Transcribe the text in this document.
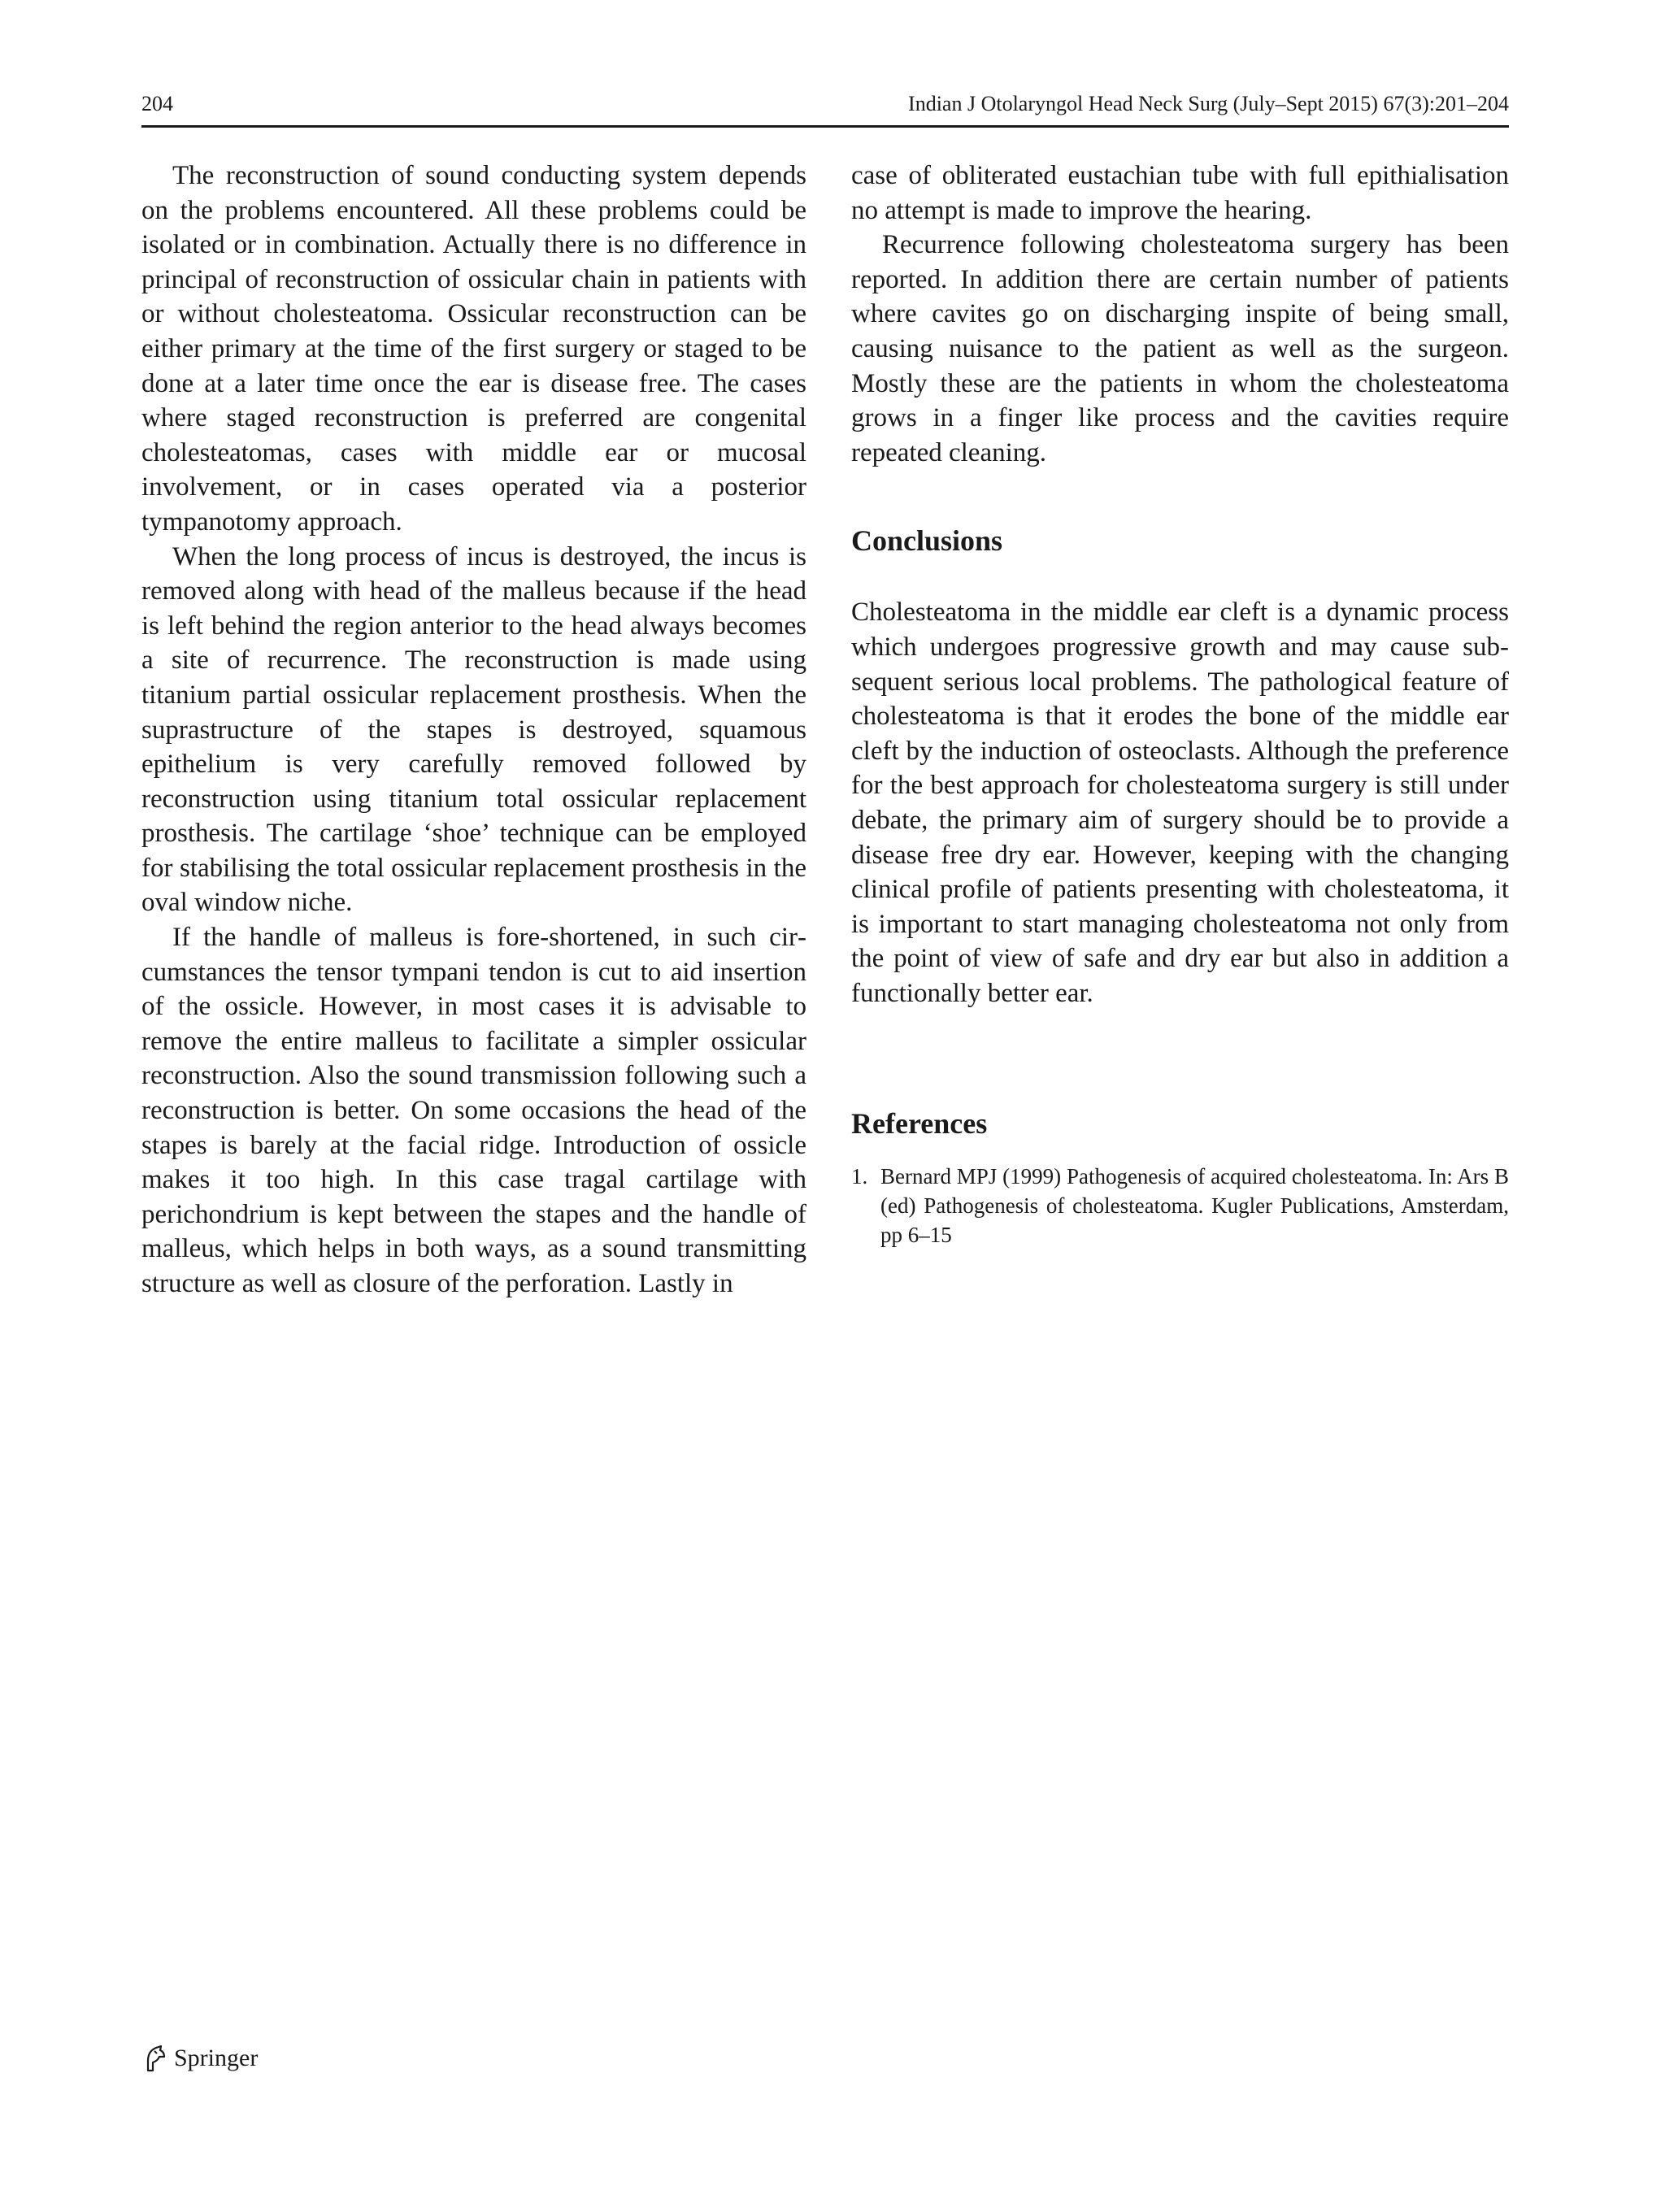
204	Indian J Otolaryngol Head Neck Surg (July–Sept 2015) 67(3):201–204

The reconstruction of sound conducting system depends on the problems encountered. All these problems could be isolated or in combination. Actually there is no difference in principal of reconstruction of ossicular chain in patients with or without cholesteatoma. Ossicular reconstruction can be either primary at the time of the first surgery or staged to be done at a later time once the ear is disease free. The cases where staged reconstruction is preferred are congenital cholesteatomas, cases with middle ear or mucosal involvement, or in cases operated via a posterior tympanotomy approach.

When the long process of incus is destroyed, the incus is removed along with head of the malleus because if the head is left behind the region anterior to the head always becomes a site of recurrence. The reconstruction is made using titanium partial ossicular replacement prosthesis. When the suprastructure of the stapes is destroyed, squamous epithelium is very carefully removed followed by reconstruction using titanium total ossicular replacement prosthesis. The cartilage ‘shoe’ technique can be employed for stabilising the total ossicular replacement prosthesis in the oval window niche.

If the handle of malleus is fore-shortened, in such circumstances the tensor tympani tendon is cut to aid insertion of the ossicle. However, in most cases it is advisable to remove the entire malleus to facilitate a simpler ossicular reconstruction. Also the sound transmission following such a reconstruction is better. On some occasions the head of the stapes is barely at the facial ridge. Introduction of ossicle makes it too high. In this case tragal cartilage with perichondrium is kept between the stapes and the handle of malleus, which helps in both ways, as a sound transmitting structure as well as closure of the perforation. Lastly in

case of obliterated eustachian tube with full epithialisation no attempt is made to improve the hearing.

Recurrence following cholesteatoma surgery has been reported. In addition there are certain number of patients where cavites go on discharging inspite of being small, causing nuisance to the patient as well as the surgeon. Mostly these are the patients in whom the cholesteatoma grows in a finger like process and the cavities require repeated cleaning.

Conclusions

Cholesteatoma in the middle ear cleft is a dynamic process which undergoes progressive growth and may cause subsequent serious local problems. The pathological feature of cholesteatoma is that it erodes the bone of the middle ear cleft by the induction of osteoclasts. Although the preference for the best approach for cholesteatoma surgery is still under debate, the primary aim of surgery should be to provide a disease free dry ear. However, keeping with the changing clinical profile of patients presenting with cholesteatoma, it is important to start managing cholesteatoma not only from the point of view of safe and dry ear but also in addition a functionally better ear.

References
1. Bernard MPJ (1999) Pathogenesis of acquired cholesteatoma. In: Ars B (ed) Pathogenesis of cholesteatoma. Kugler Publications, Amsterdam, pp 6–15
Springer
